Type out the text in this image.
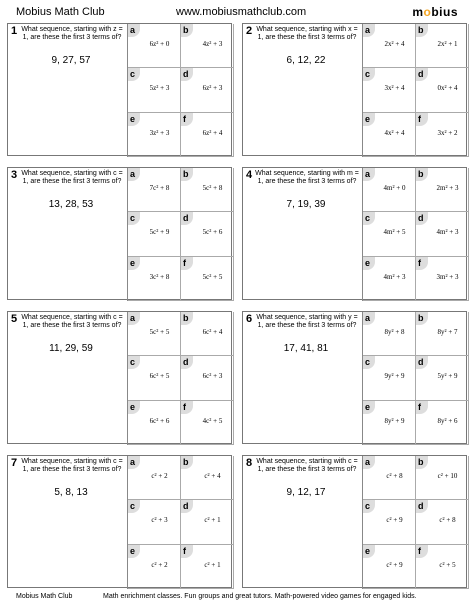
Mobius Math Club	www.mobiusmathclub.com	mobius
1 What sequence, starting with z = 1, are these the first 3 terms of?
9, 27, 57
a
6z² + 0
b
4z² + 3
c
5z² + 3
d
6z² + 3
e
3z² + 3
f
6z² + 4
2 What sequence, starting with x = 1, are these the first 3 terms of?
6, 12, 22
a
2x² + 4
b
2x² + 1
c
3x² + 4
d
0x² + 4
e
4x² + 4
f
3x² + 2
3 What sequence, starting with c = 1, are these the first 3 terms of?
13, 28, 53
a
7c² + 8
b
5c² + 8
c
5c² + 9
d
5c² + 6
e
3c² + 8
f
5c² + 5
4 What sequence, starting with m = 1, are these the first 3 terms of?
7, 19, 39
a
4m² + 0
b
2m² + 3
c
4m² + 5
d
4m² + 3
e
4m² + 3
f
3m² + 3
5 What sequence, starting with c = 1, are these the first 3 terms of?
11, 29, 59
a
5c² + 5
b
6c² + 4
c
6c² + 5
d
6c² + 3
e
6c² + 6
f
4c² + 5
6 What sequence, starting with y = 1, are these the first 3 terms of?
17, 41, 81
a
8y² + 8
b
8y² + 7
c
9y² + 9
d
5y² + 9
e
8y² + 9
f
8y² + 6
7 What sequence, starting with c = 1, are these the first 3 terms of?
5, 8, 13
a
c² + 2
b
c² + 4
c
c² + 3
d
c² + 1
e
c² + 2
f
c² + 1
8 What sequence, starting with c = 1, are these the first 3 terms of?
9, 12, 17
a
c² + 8
b
c² + 10
c
c² + 9
d
c² + 8
e
c² + 9
f
c² + 5
Mobius Math Club	Math enrichment classes. Fun groups and great tutors. Math-powered video games for engaged kids.
